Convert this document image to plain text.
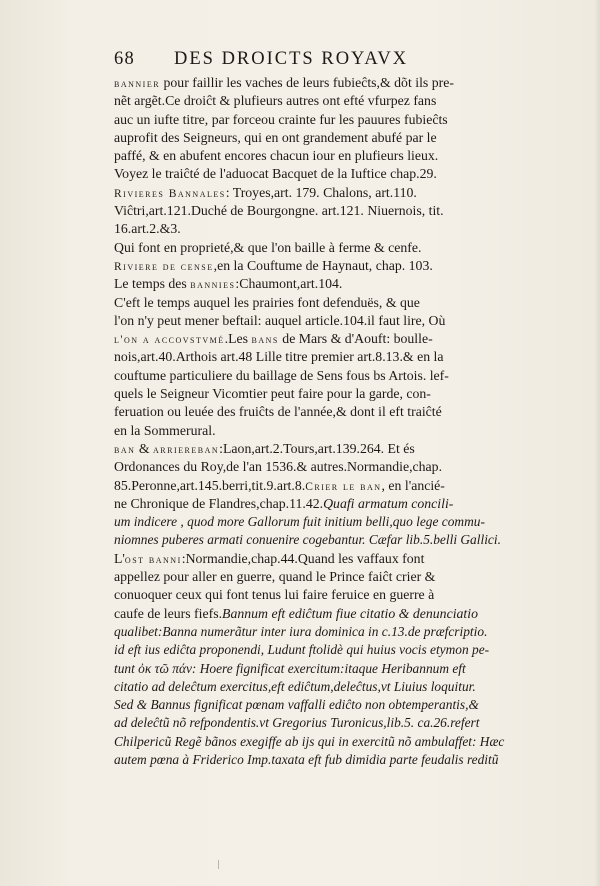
68 DES DROICTS ROYAVX
bannier pour faillir les vaches de leurs fubieĉts,& dõt ils pre-
nẽt argẽt.Ce droiĉt & plufieurs autres ont efté vfurpez fans
auc un iufte titre, par forceou crainte fur les pauures fubieĉts
auprofit des Seigneurs, qui en ont grandement abufé par le
paffé, & en abufent encores chacun iour en plufieurs lieux.
Voyez le traiĉté de l'aduocat Bacquet de la Iuftice chap.29.
Rivieres Bannales: Troyes,art. 179. Chalons, art.110.
Viĉtri,art.121.Duché de Bourgongne. art.121. Niuernois, tit.
16.art.2.&3.
Qui font en proprieté,& que l'on baille à ferme & cenfe.
Riviere de cense,en la Couftume de Haynaut, chap. 103.
Le temps des bannies:Chaumont,art.104.
C'eft le temps auquel les prairies font defenduës, & que
l'on n'y peut mener beftail: auquel article.104.il faut lire, Où
l'on a accovstvmé.Les bans de Mars & d'Aouft: boulle-
nois,art.40.Arthois art.48 Lille titre premier art.8.13.& en la
couftume particuliere du baillage de Sens fous bs Artois. lef-
quels le Seigneur Vicomtier peut faire pour la garde, con-
feruation ou leuée des fruiĉts de l'année,& dont il eft traiĉté
en la Sommerural.
ban & arriereban:Laon,art.2.Tours,art.139.264. Et és
Ordonances du Roy,de l'an 1536.& autres.Normandie,chap.
85.Peronne,art.145.berri,tit.9.art.8.Crier le ban, en l'ancié-
ne Chronique de Flandres,chap.11.42.Quafi armatum concili-
um indicere , quod more Gallorum fuit initium belli,quo lege commu-
niomnes puberes armati conuenire cogebantur. Cæfar lib.5.belli Gallici.
L'ost banni:Normandie,chap.44.Quand les vaffaux font
appellez pour aller en guerre, quand le Prince faiĉt crier &
conuoquer ceux qui font tenus lui faire feruice en guerre à
caufe de leurs fiefs.Bannum eft ediĉtum fiue citatio & denunciatio
qualibet:Banna numerãtur inter iura dominica in c.13.de præfcriptio.
id eft ius ediĉta proponendi, Ludunt ftolidè qui huius vocis etymon pe-
tunt ὀκ τῶ πάν: Hoere fignificat exercitum:itaque Heribannum eft
citatio ad deleĉtum exercitus,eft ediĉtum,deleĉtus,vt Liuius loquitur.
Sed & Bannus fignificat pœnam vaffalli ediĉto non obtemperantis,&
ad deleĉtũ nõ refpondentis.vt Gregorius Turonicus,lib.5. ca.26.refert
Chilpericũ Regẽ bãnos exegiffe ab ijs qui in exercitũ nõ ambulaffet: Hæc
autem pœna à Friderico Imp.taxata eft fub dimidia parte feudalis reditũ
